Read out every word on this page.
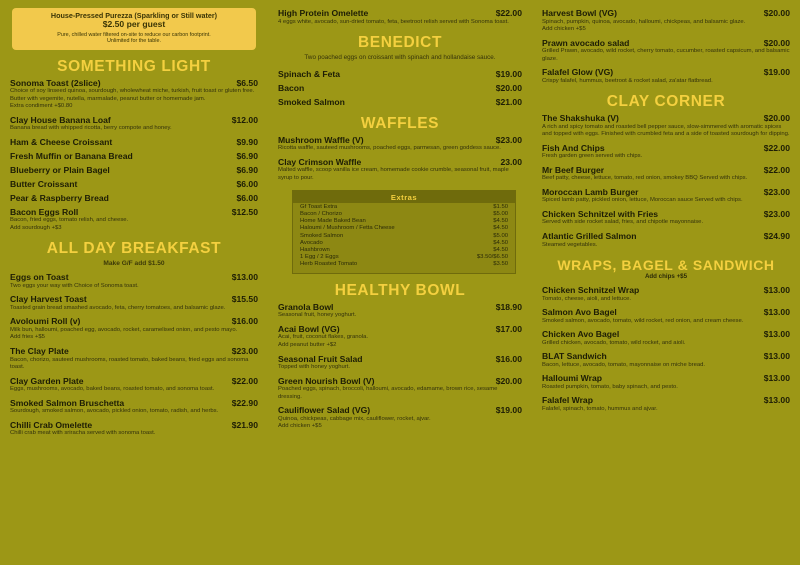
House-Pressed Purezza (Sparkling or Still water)
$2.50 per guest
Pure, chilled water filtered on-site to reduce our carbon footprint.
Unlimited for the table.
SOMETHING LIGHT
Sonoma Toast (2slice)	$6.50
Choice of soy linseed quinoa, sourdough, wholewheat miche, turkish, fruit toast or gluten free. Butter with vegemite, nutella, marmalade, peanut butter or homemade jam.
Extra condiment +$0.80
Clay House Banana Loaf	$12.00
Banana bread with whipped ricotta, berry compote and honey.
Ham & Cheese Croissant	$9.90
Fresh Muffin or Banana Bread	$6.90
Blueberry or Plain Bagel	$6.90
Butter Croissant	$6.00
Pear & Raspberry Bread	$6.00
Bacon Eggs Roll	$12.50
Bacon, fried eggs, tomato relish, and cheese.
Add sourdough +$3
ALL DAY BREAKFAST
Make G/F add $1.50
Eggs on Toast	$13.00
Two eggs your way with Choice of Sonoma toast.
Clay Harvest Toast	$15.50
Toasted grain bread smashed avocado, feta, cherry tomatoes, and balsamic glaze.
Avoloumi Roll (v)	$16.00
Milk bun, halloumi, poached egg, avocado, rocket, caramelised onion, and pesto mayo.
Add fries +$5
The Clay Plate	$23.00
Bacon, chorizo, sauteed mushrooms, roasted tomato, baked beans, fried eggs and sonoma toast.
Clay Garden Plate	$22.00
Eggs, mushrooms, avocado, baked beans, roasted tomato, and sonoma toast.
Smoked Salmon Bruschetta	$22.90
Sourdough, smoked salmon, avocado, pickled onion, tomato, radish, and herbs.
Chilli Crab Omelette	$21.90
Chilli crab meat with sriracha served with sonoma toast.
High Protein Omelette	$22.00
4 eggs white, avocado, sun-dried tomato, feta, beetroot relish served with Sonoma toast.
BENEDICT
Two poached eggs on croissant with spinach and hollandaise sauce.
Spinach & Feta	$19.00
Bacon	$20.00
Smoked Salmon	$21.00
WAFFLES
Mushroom Waffle (V)	$23.00
Ricotta waffle, sauteed mushrooms, poached eggs, parmesan, green goddess sauce.
Clay Crimson Waffle	23.00
Malted waffle, scoop vanilla ice cream, homemade cookie crumble, seasonal fruit, maple syrup to pour.
Extras
Gf Toast Extra	$1.50
Bacon / Chorizo	$5.00
Home Made Baked Bean	$4.50
Haloumi / Mushroom / Fetta Cheese	$4.50
Smoked Salmon	$5.00
Avocado	$4.50
Hashbrown	$4.50
1 Egg / 2 Eggs	$3.50/$6.50
Herb Roasted Tomato	$3.50
HEALTHY BOWL
Granola Bowl	$18.90
Seasonal fruit, honey yoghurt.
Acai Bowl (VG)	$17.00
Acai, fruit, coconut flakes, granola.
Add peanut butter +$2
Seasonal Fruit Salad	$16.00
Topped with honey yoghurt.
Green Nourish Bowl (V)	$20.00
Poached eggs, spinach, broccoli, halloumi, avocado, edamame, brown rice, sesame dressing.
Cauliflower Salad (VG)	$19.00
Quinoa, chickpeas, cabbage mix, cauliflower, rocket, ajvar.
Add chicken +$5
Harvest Bowl (VG)	$20.00
Spinach, pumpkin, quinoa, avocado, halloumi, chickpeas, and balsamic glaze.
Add chicken +$5
Prawn avocado salad	$20.00
Grilled Prawn, avocado, wild rocket, cherry tomato, cucumber, roasted capsicum, and balsamic glaze.
Falafel Glow (VG)	$19.00
Crispy falafel, hummus, beetroot & rocket salad, za'atar flatbread.
CLAY CORNER
The Shakshuka (V)	$20.00
A rich and spicy tomato and roasted bell pepper sauce, slow-simmered with aromatic spices and topped with eggs. Finished with crumbled feta and a side of toasted sourdough for dipping.
Fish And Chips	$22.00
Fresh garden green served with chips.
Mr Beef Burger	$22.00
Beef patty, cheese, lettuce, tomato, red onion, smokey BBQ Served with chips.
Moroccan Lamb Burger	$23.00
Spiced lamb patty, pickled onion, lettuce, Moroccan sauce Served with chips.
Chicken Schnitzel with Fries	$23.00
Served with side rocket salad, fries, and chipotle mayonnaise.
Atlantic Grilled Salmon	$24.90
Steamed vegetables.
WRAPS, BAGEL & SANDWICH
Add chips +$5
Chicken Schnitzel Wrap	$13.00
Tomato, cheese, aioli, and lettuce.
Salmon Avo Bagel	$13.00
Smoked salmon, avocado, tomato, wild rocket, red onion, and cream cheese.
Chicken Avo Bagel	$13.00
Grilled chicken, avocado, tomato, wild rocket, and aioli.
BLAT Sandwich	$13.00
Bacon, lettuce, avocado, tomato, mayonnaise on miche bread.
Halloumi Wrap	$13.00
Roasted pumpkin, tomato, baby spinach, and pesto.
Falafel Wrap	$13.00
Falafel, spinach, tomato, hummus and ajvar.
